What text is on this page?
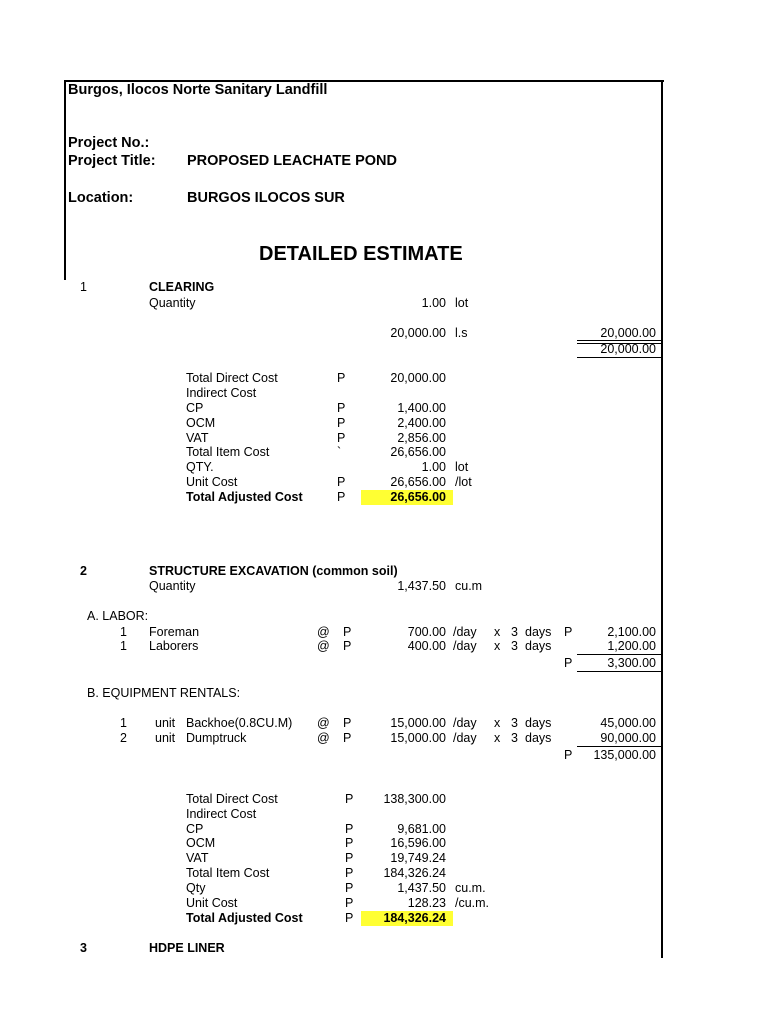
Burgos, Ilocos Norte Sanitary Landfill
Project No.:
Project Title: PROPOSED LEACHATE POND
Location:	BURGOS ILOCOS SUR
DETAILED ESTIMATE
1	CLEARING
Quantity	1.00 lot
20,000.00 l.s	20,000.00
20,000.00
Total Direct Cost	P	20,000.00
Indirect Cost
CP	P	1,400.00
OCM	P	2,400.00
VAT	P	2,856.00
Total Item Cost	`	26,656.00
QTY.	1.00 lot
Unit Cost	P	26,656.00 /lot
Total Adjusted Cost	P	26,656.00
2	STRUCTURE EXCAVATION (common soil)
Quantity	1,437.50 cu.m
A. LABOR:
1 Foreman	@ P	700.00 /day x 3 days P	2,100.00
1 Laborers	@ P	400.00 /day x 3 days	1,200.00
P	3,300.00
B. EQUIPMENT RENTALS:
1 unit Backhoe(0.8CU.M) @ P	15,000.00 /day x 3 days	45,000.00
2 unit Dumptruck	@ P	15,000.00 /day x 3 days	90,000.00
P	135,000.00
Total Direct Cost	P	138,300.00
Indirect Cost
CP	P	9,681.00
OCM	P	16,596.00
VAT	P	19,749.24
Total Item Cost	P	184,326.24
Qty	P	1,437.50 cu.m.
Unit Cost	P	128.23 /cu.m.
Total Adjusted Cost	P	184,326.24
3	HDPE LINER
